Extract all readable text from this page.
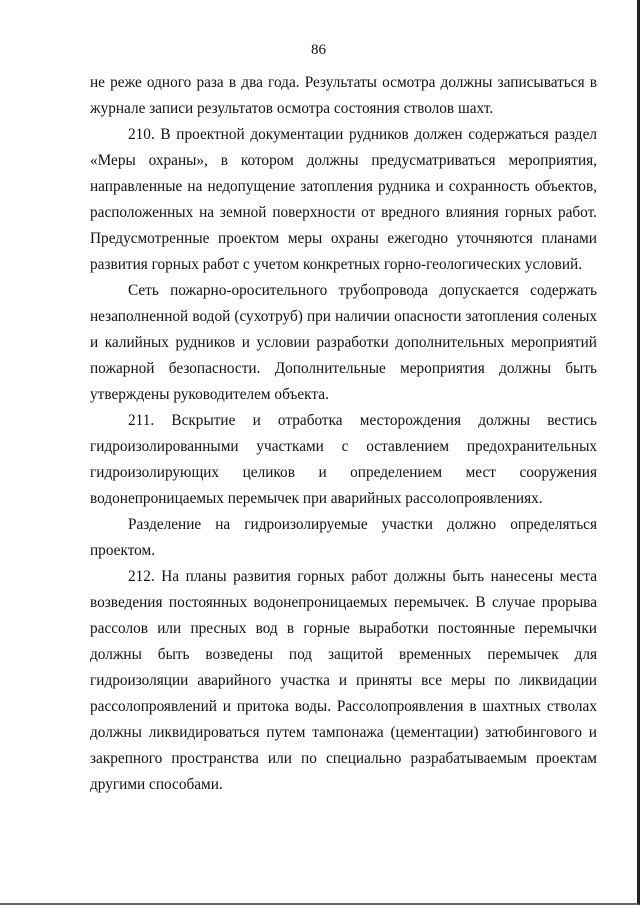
86

не реже одного раза в два года. Результаты осмотра должны записываться в журнале записи результатов осмотра состояния стволов шахт.

210. В проектной документации рудников должен содержаться раздел «Меры охраны», в котором должны предусматриваться мероприятия, направленные на недопущение затопления рудника и сохранность объектов, расположенных на земной поверхности от вредного влияния горных работ. Предусмотренные проектом меры охраны ежегодно уточняются планами развития горных работ с учетом конкретных горно-геологических условий.

Сеть пожарно-оросительного трубопровода допускается содержать незаполненной водой (сухотруб) при наличии опасности затопления соленых и калийных рудников и условии разработки дополнительных мероприятий пожарной безопасности. Дополнительные мероприятия должны быть утверждены руководителем объекта.

211. Вскрытие и отработка месторождения должны вестись гидроизолированными участками с оставлением предохранительных гидроизолирующих целиков и определением мест сооружения водонепроницаемых перемычек при аварийных рассолопроявлениях.

Разделение на гидроизолируемые участки должно определяться проектом.

212. На планы развития горных работ должны быть нанесены места возведения постоянных водонепроницаемых перемычек. В случае прорыва рассолов или пресных вод в горные выработки постоянные перемычки должны быть возведены под защитой временных перемычек для гидроизоляции аварийного участка и приняты все меры по ликвидации рассолопроявлений и притока воды. Рассолопроявления в шахтных стволах должны ликвидироваться путем тампонажа (цементации) затюбингового и закрепного пространства или по специально разрабатываемым проектам другими способами.
